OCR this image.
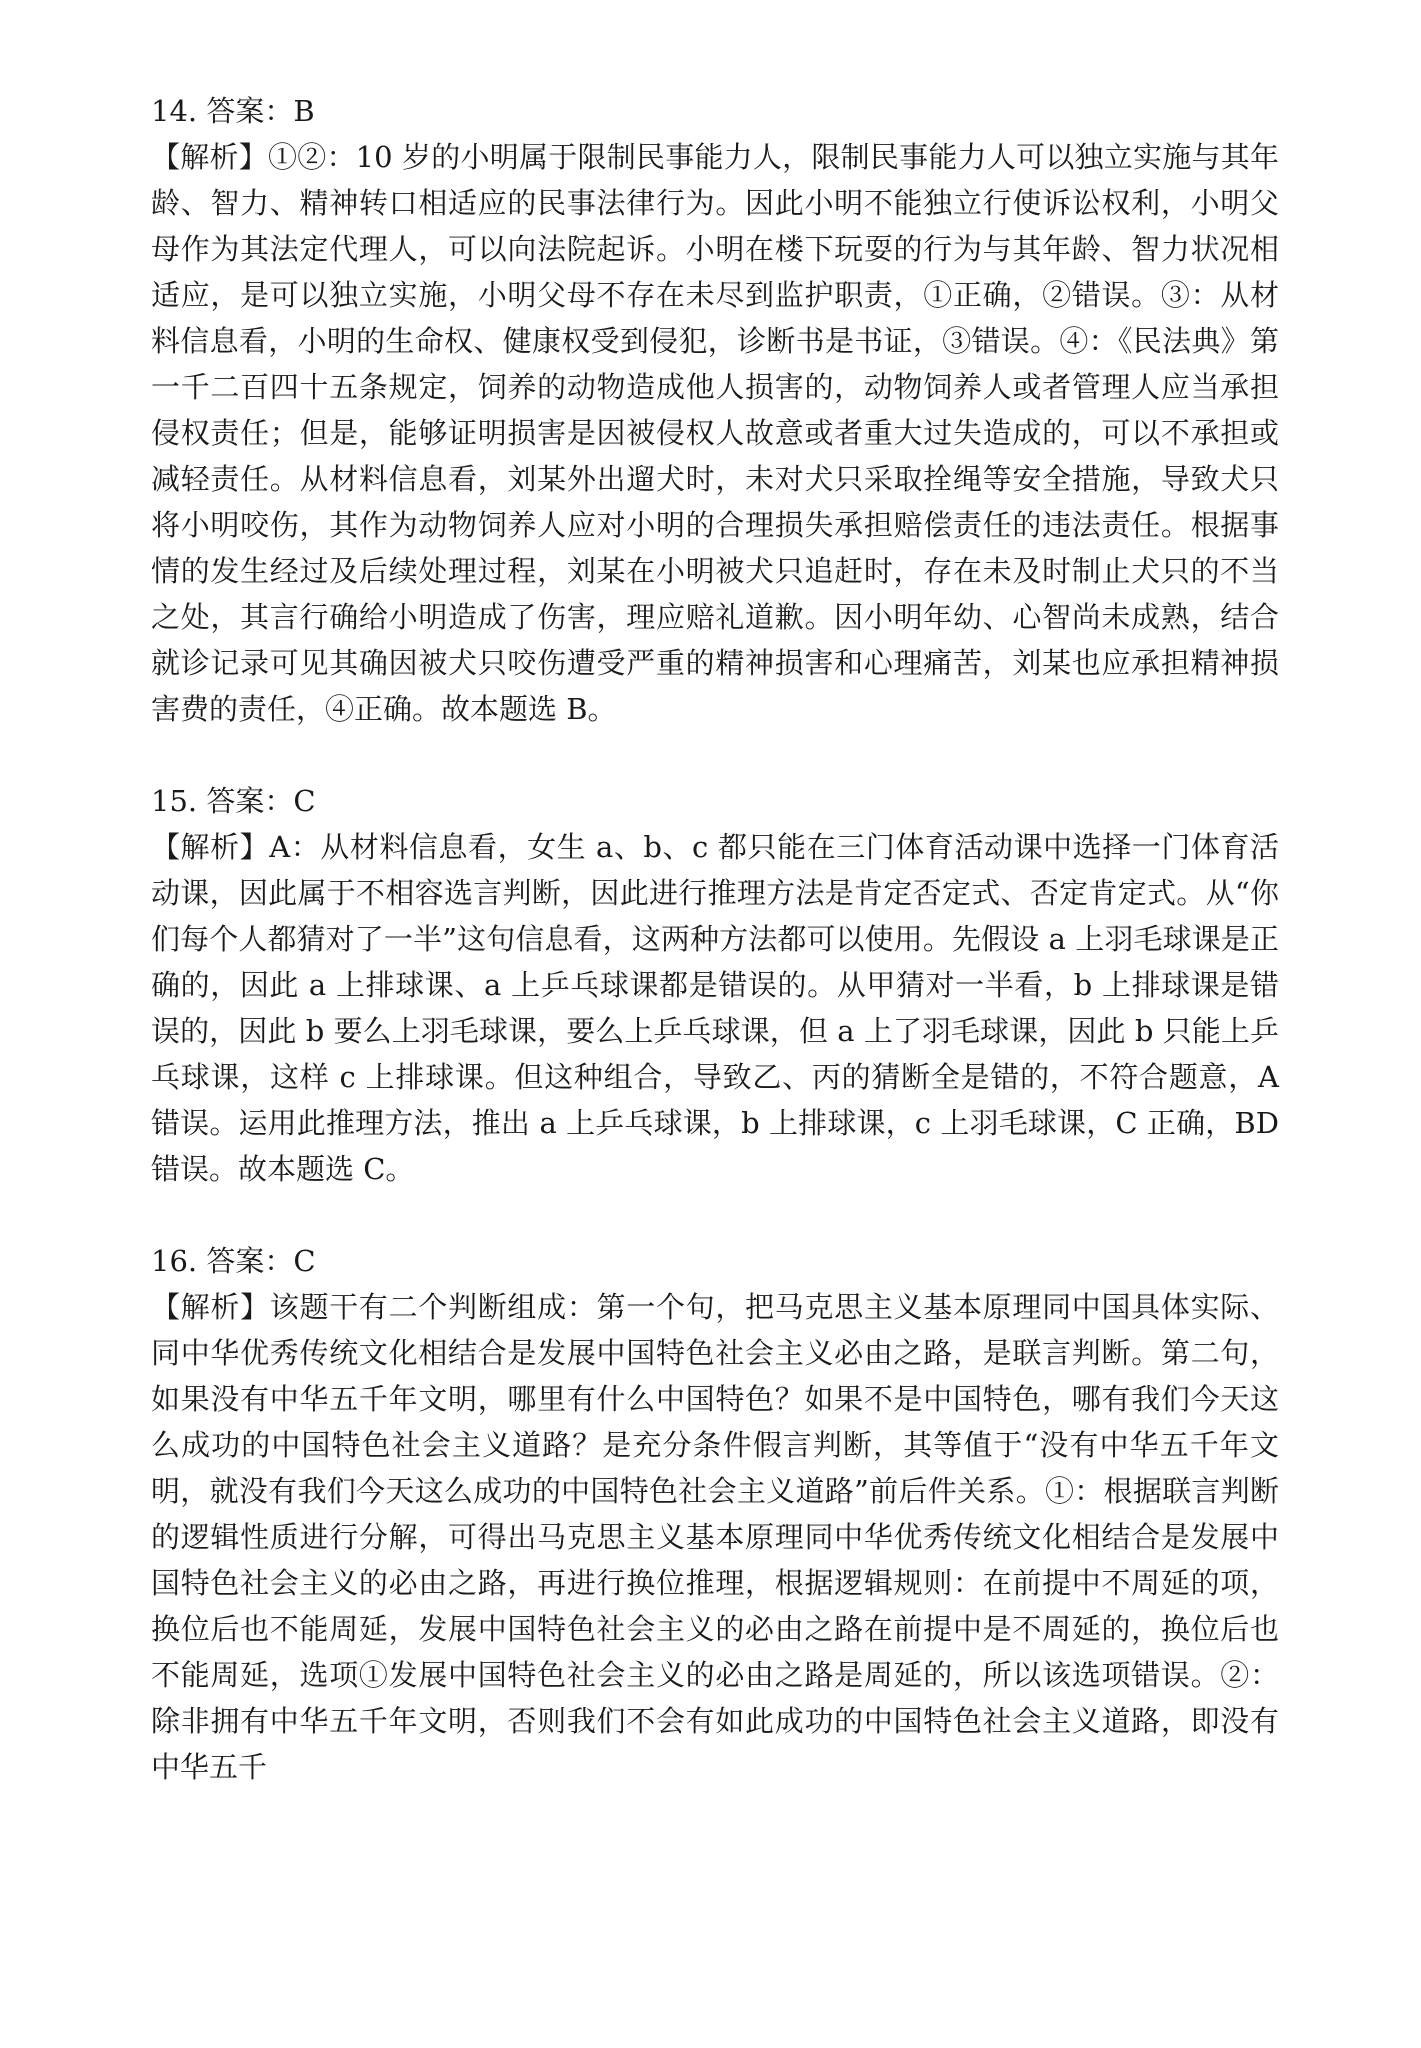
14. 答案：B

【解析】①②：10 岁的小明属于限制民事能力人，限制民事能力人可以独立实施与其年龄、智力、精神转口相适应的民事法律行为。因此小明不能独立行使诉讼权利，小明父母作为其法定代理人，可以向法院起诉。小明在楼下玩耍的行为与其年龄、智力状况相适应，是可以独立实施，小明父母不存在未尽到监护职责，①正确，②错误。③：从材料信息看，小明的生命权、健康权受到侵犯，诊断书是书证，③错误。④：《民法典》第一千二百四十五条规定，饲养的动物造成他人损害的，动物饲养人或者管理人应当承担侵权责任；但是，能够证明损害是因被侵权人故意或者重大过失造成的，可以不承担或减轻责任。从材料信息看，刘某外出遛犬时，未对犬只采取拴绳等安全措施，导致犬只将小明咬伤，其作为动物饲养人应对小明的合理损失承担赔偿责任的违法责任。根据事情的发生经过及后续处理过程，刘某在小明被犬只追赶时，存在未及时制止犬只的不当之处，其言行确给小明造成了伤害，理应赔礼道歉。因小明年幼、心智尚未成熟，结合就诊记录可见其确因被犬只咬伤遭受严重的精神损害和心理痛苦，刘某也应承担精神损害费的责任，④正确。故本题选 B。

15. 答案：C

【解析】A：从材料信息看，女生 a、b、c 都只能在三门体育活动课中选择一门体育活动课，因此属于不相容选言判断，因此进行推理方法是肯定否定式、否定肯定式。从“你们每个人都猜对了一半”这句信息看，这两种方法都可以使用。先假设 a 上羽毛球课是正确的，因此 a 上排球课、a 上乒乓球课都是错误的。从甲猜对一半看，b 上排球课是错误的，因此 b 要么上羽毛球课，要么上乒乓球课，但 a 上了羽毛球课，因此 b 只能上乒乓球课，这样 c 上排球课。但这种组合，导致乙、丙的猜断全是错的，不符合题意，A 错误。运用此推理方法，推出 a 上乒乓球课，b 上排球课，c 上羽毛球课，C 正确，BD 错误。故本题选 C。

16. 答案：C

【解析】该题干有二个判断组成：第一个句，把马克思主义基本原理同中国具体实际、同中华优秀传统文化相结合是发展中国特色社会主义必由之路，是联言判断。第二句，如果没有中华五千年文明，哪里有什么中国特色？如果不是中国特色，哪有我们今天这么成功的中国特色社会主义道路？是充分条件假言判断，其等值于“没有中华五千年文明，就没有我们今天这么成功的中国特色社会主义道路”前后件关系。①：根据联言判断的逻辑性质进行分解，可得出马克思主义基本原理同中华优秀传统文化相结合是发展中国特色社会主义的必由之路，再进行换位推理，根据逻辑规则：在前提中不周延的项，换位后也不能周延，发展中国特色社会主义的必由之路在前提中是不周延的，换位后也不能周延，选项①发展中国特色社会主义的必由之路是周延的，所以该选项错误。②：除非拥有中华五千年文明，否则我们不会有如此成功的中国特色社会主义道路，即没有中华五千
